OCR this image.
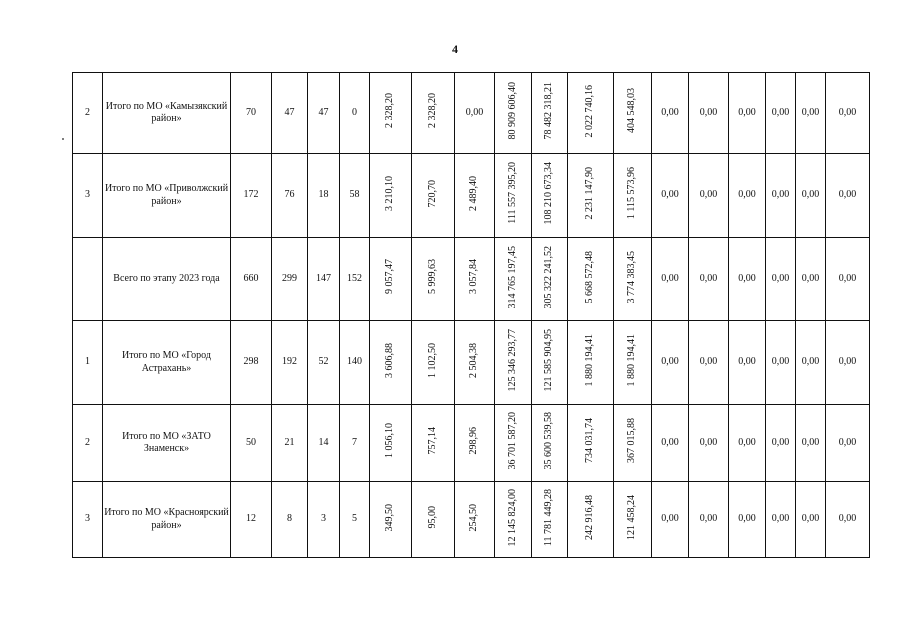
4
2	Итого по МО «Камызякский район»	70	47	47	0	2 328,20	2 328,20	0,00	80 909 606,40	78 482 318,21	2 022 740,16	404 548,03	0,00	0,00	0,00	0,00	0,00	0,00
3	Итого по МО «Приволжский район»	172	76	18	58	3 210,10	720,70	2 489,40	111 557 395,20	108 210 673,34	2 231 147,90	1 115 573,96	0,00	0,00	0,00	0,00	0,00	0,00
	Всего по этапу 2023 года	660	299	147	152	9 057,47	5 999,63	3 057,84	314 765 197,45	305 322 241,52	5 668 572,48	3 774 383,45	0,00	0,00	0,00	0,00	0,00	0,00
1	Итого по МО «Город Астрахань»	298	192	52	140	3 606,88	1 102,50	2 504,38	125 346 293,77	121 585 904,95	1 880 194,41	1 880 194,41	0,00	0,00	0,00	0,00	0,00	0,00
2	Итого по МО «ЗАТО Знаменск»	50	21	14	7	1 056,10	757,14	298,96	36 701 587,20	35 600 539,58	734 031,74	367 015,88	0,00	0,00	0,00	0,00	0,00	0,00
3	Итого по МО «Красноярский район»	12	8	3	5	349,50	95,00	254,50	12 145 824,00	11 781 449,28	242 916,48	121 458,24	0,00	0,00	0,00	0,00	0,00	0,00
